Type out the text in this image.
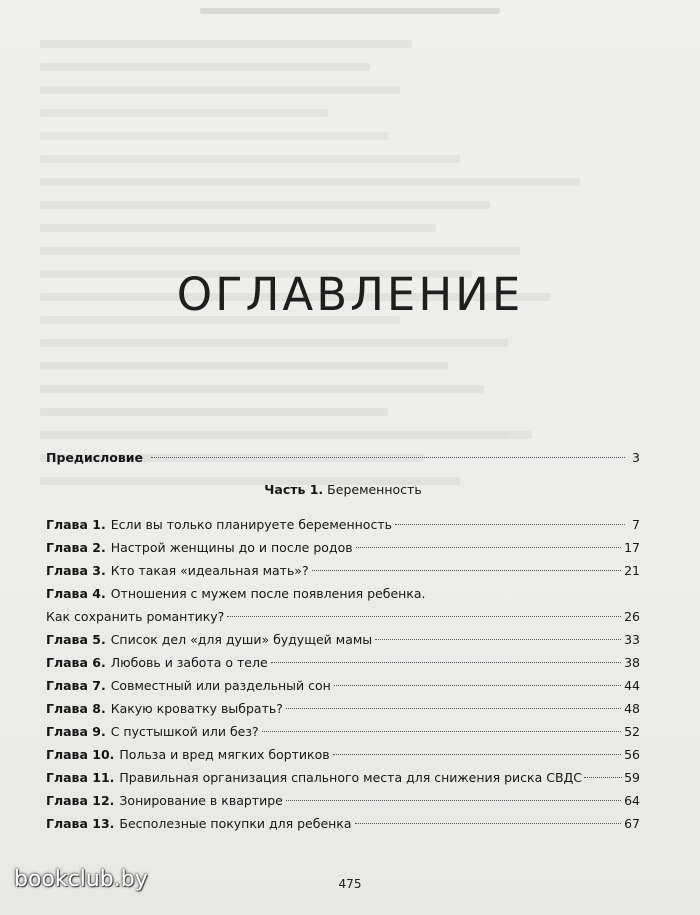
ОГЛАВЛЕНИЕ
Предисловие	3
Часть 1. Беременность
Глава 1. Если вы только планируете беременность	7
Глава 2. Настрой женщины до и после родов	17
Глава 3. Кто такая «идеальная мать»?	21
Глава 4. Отношения с мужем после появления ребенка.
Как сохранить романтику?	26
Глава 5. Список дел «для души» будущей мамы	33
Глава 6. Любовь и забота о теле	38
Глава 7. Совместный или раздельный сон	44
Глава 8. Какую кроватку выбрать?	48
Глава 9. С пустышкой или без?	52
Глава 10. Польза и вред мягких бортиков	56
Глава 11. Правильная организация спального места для снижения риска СВДС	59
Глава 12. Зонирование в квартире	64
Глава 13. Бесполезные покупки для ребенка	67
475
bookclub.by
